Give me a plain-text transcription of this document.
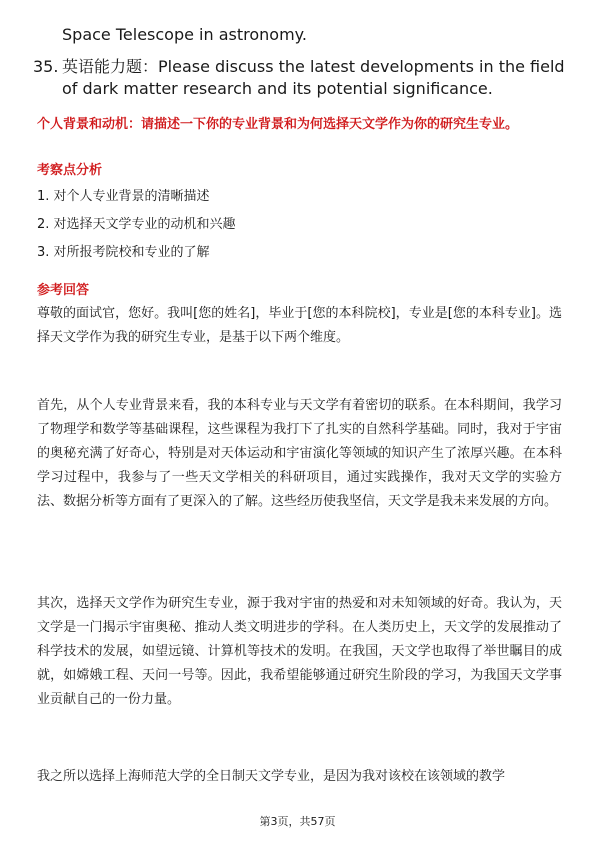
Space Telescope in astronomy.
35. 英语能力题：Please discuss the latest developments in the field of dark matter research and its potential significance.
个人背景和动机：请描述一下你的专业背景和为何选择天文学作为你的研究生专业。
考察点分析
1. 对个人专业背景的清晰描述
2. 对选择天文学专业的动机和兴趣
3. 对所报考院校和专业的了解
参考回答
尊敬的面试官，您好。我叫[您的姓名]，毕业于[您的本科院校]，专业是[您的本科专业]。选择天文学作为我的研究生专业，是基于以下两个维度。
首先，从个人专业背景来看，我的本科专业与天文学有着密切的联系。在本科期间，我学习了物理学和数学等基础课程，这些课程为我打下了扎实的自然科学基础。同时，我对于宇宙的奥秘充满了好奇心，特别是对天体运动和宇宙演化等领域的知识产生了浓厚兴趣。在本科学习过程中，我参与了一些天文学相关的科研项目，通过实践操作，我对天文学的实验方法、数据分析等方面有了更深入的了解。这些经历使我坚信，天文学是我未来发展的方向。
其次，选择天文学作为研究生专业，源于我对宇宙的热爱和对未知领域的好奇。我认为，天文学是一门揭示宇宙奥秘、推动人类文明进步的学科。在人类历史上，天文学的发展推动了科学技术的发展，如望远镜、计算机等技术的发明。在我国，天文学也取得了举世瞩目的成就，如嫦娥工程、天问一号等。因此，我希望能够通过研究生阶段的学习，为我国天文学事业贡献自己的一份力量。
我之所以选择上海师范大学的全日制天文学专业，是因为我对该校在该领域的教学
第3页，共57页
